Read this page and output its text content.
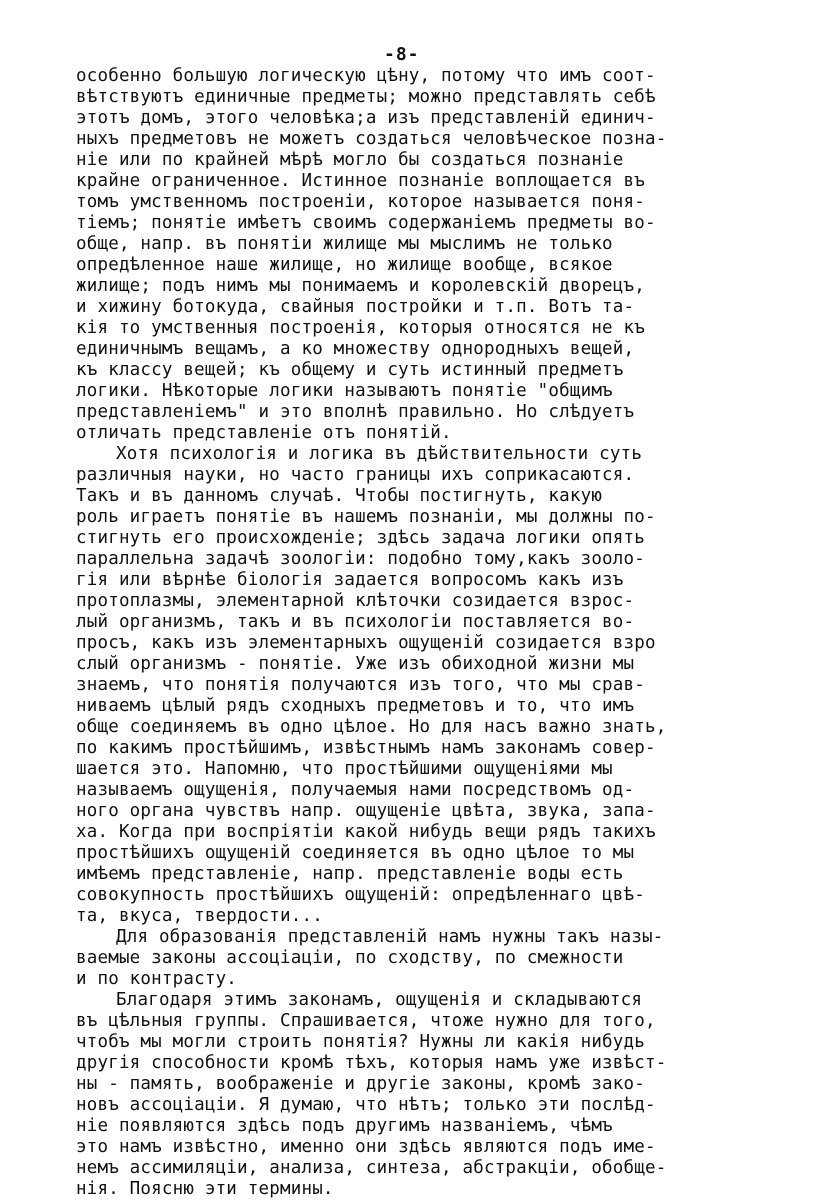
-8-
особенно большую логическую цѣну, потому что имъ соот-
вѣтствуютъ единичные предметы; можно представлять себѣ
этотъ домъ, этого человѣка;а изъ представленій единич-
ныхъ предметовъ не можетъ создаться человѣческое позна-
ніе или по крайней мѣрѣ могло бы создаться познаніе
крайне ограниченное. Истинное познаніе воплощается въ
томъ умственномъ построеніи, которое называется поня-
тіемъ; понятіе имѣетъ своимъ содержаніемъ предметы во-
обще, напр. въ понятіи жилище мы мыслимъ не только
опредѣленное наше жилище, но жилище вообще, всякое
жилище; подъ нимъ мы понимаемъ и королевскій дворецъ,
и хижину ботокуда, свайныя постройки и т.п. Вотъ та-
кія то умственныя построенія, которыя относятся не къ
единичнымъ вещамъ, а ко множеству однородныхъ вещей,
къ классу вещей; къ общему и суть истинный предметъ
логики. Нѣкоторые логики называютъ понятіе "общимъ
представленіемъ" и это вполнѣ правильно. Но слѣдуетъ
отличать представленіе отъ понятій.
Хотя психологія и логика въ дѣйствительности суть
различныя науки, но часто границы ихъ соприкасаются.
Такъ и въ данномъ случаѣ. Чтобы постигнуть, какую
роль играетъ понятіе въ нашемъ познаніи, мы должны по-
стигнуть его происхожденіе; здѣсь задача логики опять
параллельна задачѣ зоологіи: подобно тому,какъ зооло-
гія или вѣрнѣе біологія задается вопросомъ какъ изъ
протоплазмы, элементарной клѣточки созидается взрос-
лый организмъ, такъ и въ психологіи поставляется во-
просъ, какъ изъ элементарныхъ ощущеній созидается взро
слый организмъ - понятіе. Уже изъ обиходной жизни мы
знаемъ, что понятія получаются изъ того, что мы срав-
ниваемъ цѣлый рядъ сходныхъ предметовъ и то, что имъ
обще соединяемъ въ одно цѣлое. Но для насъ важно знать,
по какимъ простѣйшимъ, извѣстнымъ намъ законамъ совер-
шается это. Напомню, что простѣйшими ощущеніями мы
называемъ ощущенія, получаемыя нами посредствомъ од-
ного органа чувствъ напр. ощущеніе цвѣта, звука, запа-
ха. Когда при воспріятіи какой нибудь вещи рядъ такихъ
простѣйшихъ ощущеній соединяется въ одно цѣлое то мы
имѣемъ представленіе, напр. представленіе воды есть
совокупность простѣйшихъ ощущеній: опредѣленнаго цвѣ-
та, вкуса, твердости...
Для образованія представленій намъ нужны такъ назы-
ваемые законы ассоціаціи, по сходству, по смежности
и по контрасту.
Благодаря этимъ законамъ, ощущенія и складываются
въ цѣльныя группы. Спрашивается, чтоже нужно для того,
чтобъ мы могли строить понятія? Нужны ли какія нибудь
другія способности кромѣ тѣхъ, которыя намъ уже извѣст-
ны - память, воображеніе и другіе законы, кромѣ зако-
новъ ассоціаціи. Я думаю, что нѣтъ; только эти послѣд-
ніе появляются здѣсь подъ другимъ названіемъ, чѣмъ
это намъ извѣстно, именно они здѣсь являются подъ име-
немъ ассимиляціи, анализа, синтеза, абстракціи, обобще-
нія. Поясню эти термины.
